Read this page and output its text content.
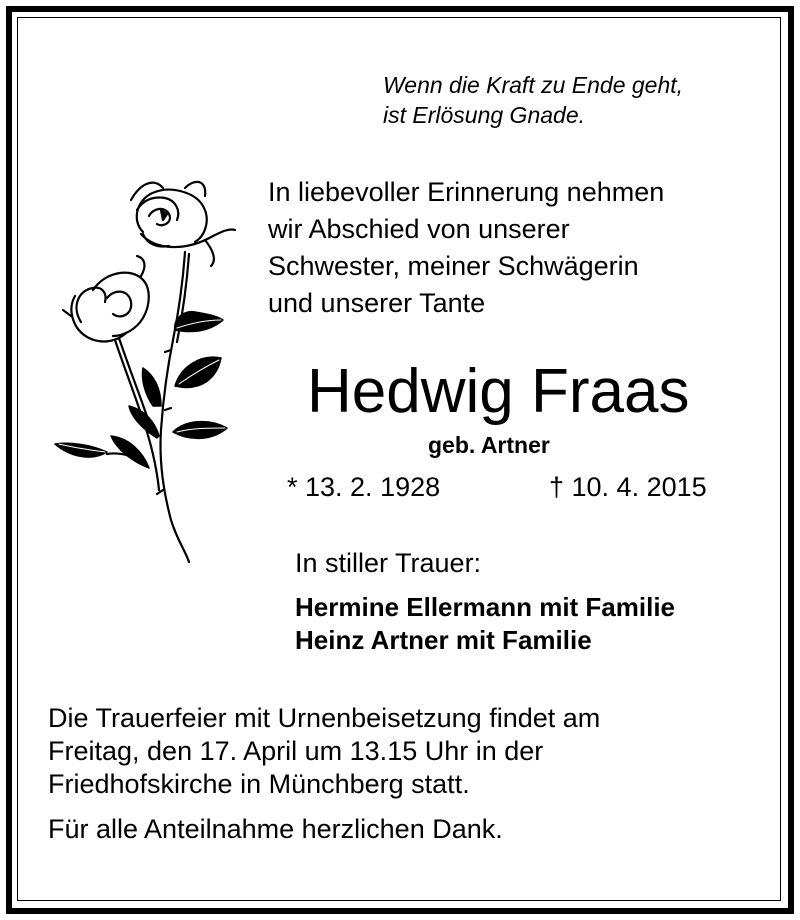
Wenn die Kraft zu Ende geht,
ist Erlösung Gnade.
In liebevoller Erinnerung nehmen
wir Abschied von unserer
Schwester, meiner Schwägerin
und unserer Tante
Hedwig Fraas
geb. Artner
* 13. 2. 1928	† 10. 4. 2015
In stiller Trauer:
Hermine Ellermann mit Familie
Heinz Artner mit Familie
Die Trauerfeier mit Urnenbeisetzung findet am
Freitag, den 17. April um 13.15 Uhr in der
Friedhofskirche in Münchberg statt.
Für alle Anteilnahme herzlichen Dank.
